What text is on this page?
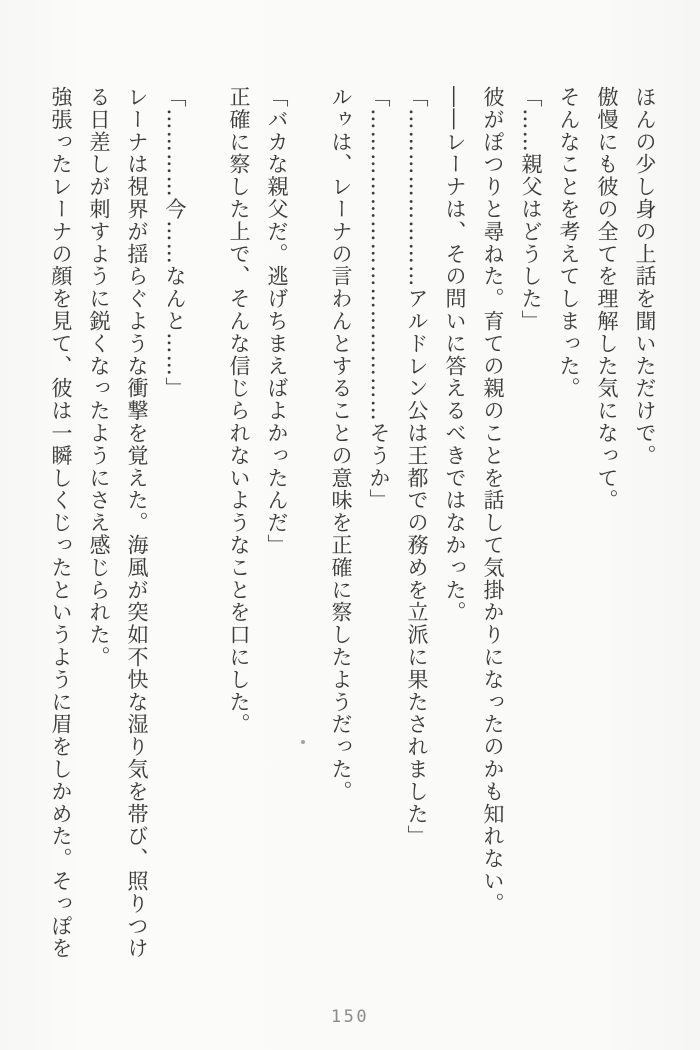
ほんの少し身の上話を聞いただけで。

傲慢にも彼の全てを理解した気になって。

そんなことを考えてしまった。

「……親父はどうした」

彼がぽつりと尋ねた。育ての親のことを話して気掛かりになったのかも知れない。

――レーナは、その問いに答えるべきではなかった。

「……………………アルドレン公は王都での務めを立派に果たされました」

「……………………………………そうか」

ルゥは、レーナの言わんとすることの意味を正確に察したようだった。

「バカな親父だ。逃げちまえばよかったんだ」

正確に察した上で、そんな信じられないようなことを口にした。

「…………今……なんと……」

レーナは視界が揺らぐような衝撃を覚えた。海風が突如不快な湿り気を帯び、照りつける日差しが刺すように鋭くなったようにさえ感じられた。

強張ったレーナの顔を見て、彼は一瞬しくじったというように眉をしかめた。そっぽを

150
